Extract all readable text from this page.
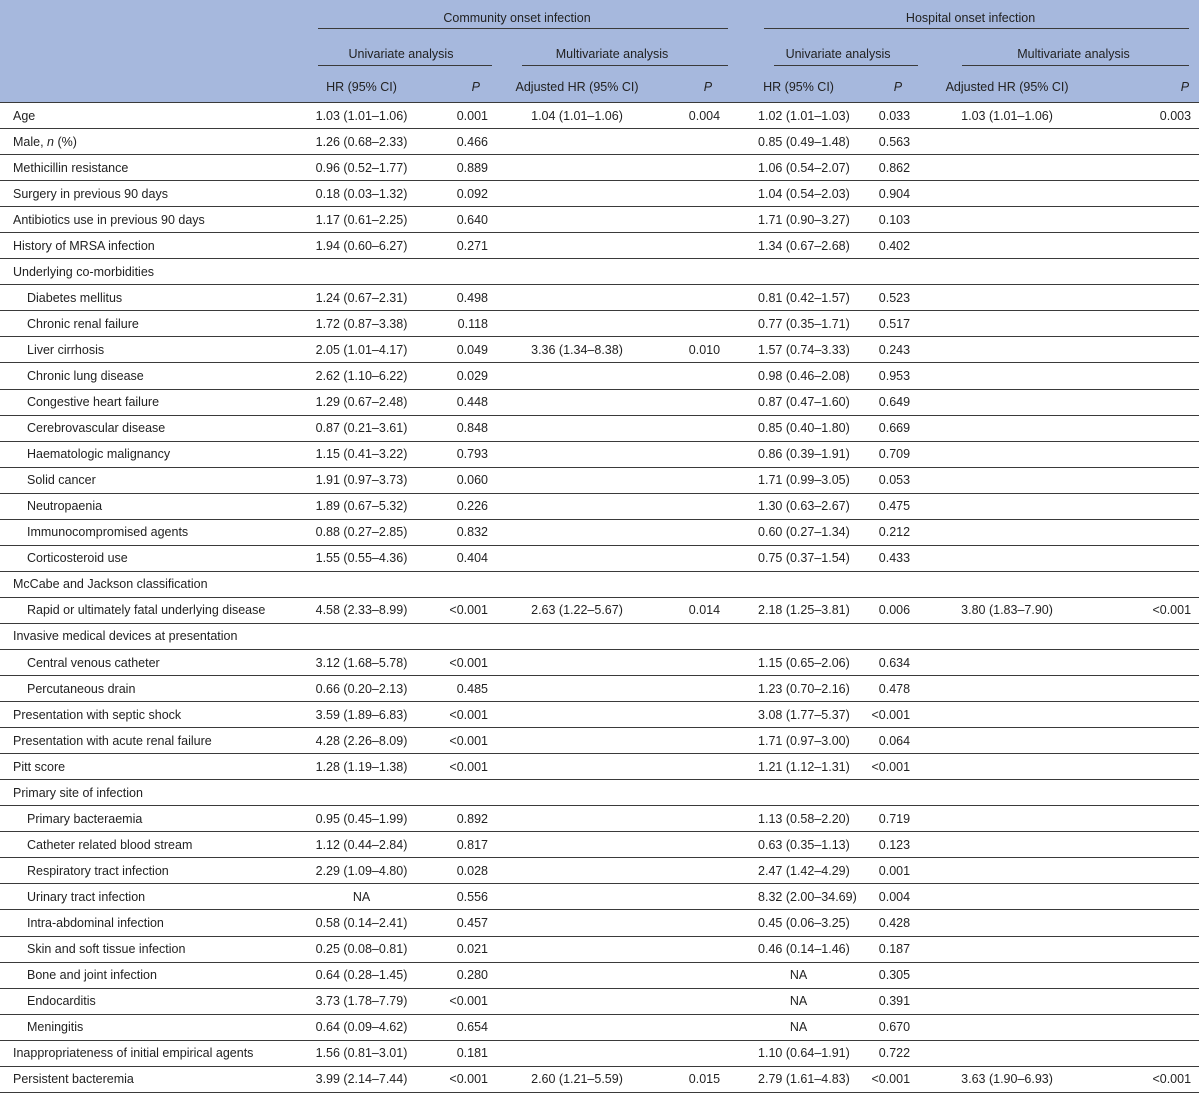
	Community onset infection				Hospital onset infection			

	Univariate analysis		Multivariate analysis		Univariate analysis		Multivariate analysis	

	HR (95% CI)	P	Adjusted HR (95% CI)	P	HR (95% CI)	P	Adjusted HR (95% CI)	P
Age	1.03 (1.01–1.06)	0.001	1.04 (1.01–1.06)	0.004	1.02 (1.01–1.03)	0.033	1.03 (1.01–1.06)	0.003
Male, n (%)	1.26 (0.68–2.33)	0.466			0.85 (0.49–1.48)	0.563		
Methicillin resistance	0.96 (0.52–1.77)	0.889			1.06 (0.54–2.07)	0.862		
Surgery in previous 90 days	0.18 (0.03–1.32)	0.092			1.04 (0.54–2.03)	0.904		
Antibiotics use in previous 90 days	1.17 (0.61–2.25)	0.640			1.71 (0.90–3.27)	0.103		
History of MRSA infection	1.94 (0.60–6.27)	0.271			1.34 (0.67–2.68)	0.402		
Underlying co-morbidities								
Diabetes mellitus	1.24 (0.67–2.31)	0.498			0.81 (0.42–1.57)	0.523		
Chronic renal failure	1.72 (0.87–3.38)	0.118			0.77 (0.35–1.71)	0.517		
Liver cirrhosis	2.05 (1.01–4.17)	0.049	3.36 (1.34–8.38)	0.010	1.57 (0.74–3.33)	0.243		
Chronic lung disease	2.62 (1.10–6.22)	0.029			0.98 (0.46–2.08)	0.953		
Congestive heart failure	1.29 (0.67–2.48)	0.448			0.87 (0.47–1.60)	0.649		
Cerebrovascular disease	0.87 (0.21–3.61)	0.848			0.85 (0.40–1.80)	0.669		
Haematologic malignancy	1.15 (0.41–3.22)	0.793			0.86 (0.39–1.91)	0.709		
Solid cancer	1.91 (0.97–3.73)	0.060			1.71 (0.99–3.05)	0.053		
Neutropaenia	1.89 (0.67–5.32)	0.226			1.30 (0.63–2.67)	0.475		
Immunocompromised agents	0.88 (0.27–2.85)	0.832			0.60 (0.27–1.34)	0.212		
Corticosteroid use	1.55 (0.55–4.36)	0.404			0.75 (0.37–1.54)	0.433		
McCabe and Jackson classification								
Rapid or ultimately fatal underlying disease	4.58 (2.33–8.99)	<0.001	2.63 (1.22–5.67)	0.014	2.18 (1.25–3.81)	0.006	3.80 (1.83–7.90)	<0.001
Invasive medical devices at presentation								
Central venous catheter	3.12 (1.68–5.78)	<0.001			1.15 (0.65–2.06)	0.634		
Percutaneous drain	0.66 (0.20–2.13)	0.485			1.23 (0.70–2.16)	0.478		
Presentation with septic shock	3.59 (1.89–6.83)	<0.001			3.08 (1.77–5.37)	<0.001		
Presentation with acute renal failure	4.28 (2.26–8.09)	<0.001			1.71 (0.97–3.00)	0.064		
Pitt score	1.28 (1.19–1.38)	<0.001			1.21 (1.12–1.31)	<0.001		
Primary site of infection								
Primary bacteraemia	0.95 (0.45–1.99)	0.892			1.13 (0.58–2.20)	0.719		
Catheter related blood stream	1.12 (0.44–2.84)	0.817			0.63 (0.35–1.13)	0.123		
Respiratory tract infection	2.29 (1.09–4.80)	0.028			2.47 (1.42–4.29)	0.001		
Urinary tract infection	NA	0.556			8.32 (2.00–34.69)	0.004		
Intra-abdominal infection	0.58 (0.14–2.41)	0.457			0.45 (0.06–3.25)	0.428		
Skin and soft tissue infection	0.25 (0.08–0.81)	0.021			0.46 (0.14–1.46)	0.187		
Bone and joint infection	0.64 (0.28–1.45)	0.280			NA	0.305		
Endocarditis	3.73 (1.78–7.79)	<0.001			NA	0.391		
Meningitis	0.64 (0.09–4.62)	0.654			NA	0.670		
Inappropriateness of initial empirical agents	1.56 (0.81–3.01)	0.181			1.10 (0.64–1.91)	0.722		
Persistent bacteremia	3.99 (2.14–7.44)	<0.001	2.60 (1.21–5.59)	0.015	2.79 (1.61–4.83)	<0.001	3.63 (1.90–6.93)	<0.001
